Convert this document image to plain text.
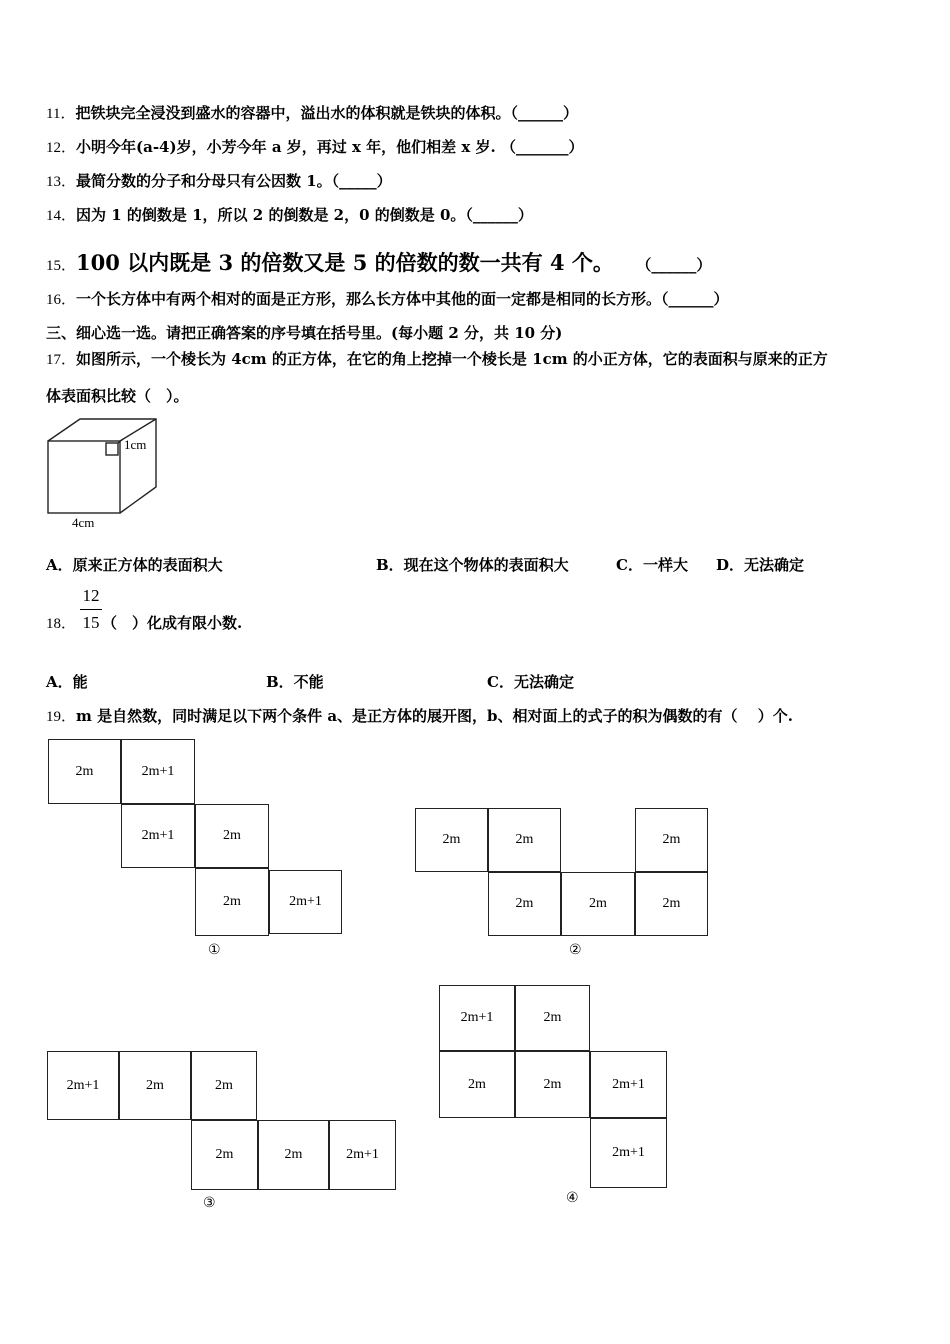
11．把铁块完全浸没到盛水的容器中，溢出水的体积就是铁块的体积。（______）
12．小明今年(a-4)岁，小芳今年 a 岁，再过 x 年，他们相差 x 岁. （_______）
13．最简分数的分子和分母只有公因数 1。（_____）
14．因为 1 的倒数是 1，所以 2 的倒数是 2，0 的倒数是 0。（______）
15．100 以内既是 3 的倍数又是 5 的倍数的数一共有 4 个。 （______）
16．一个长方体中有两个相对的面是正方形，那么长方体中其他的面一定都是相同的长方形。（______）
三、细心选一选。请把正确答案的序号填在括号里。(每小题 2 分，共 10 分)
17．如图所示，一个棱长为 4cm 的正方体，在它的角上挖掉一个棱长是 1cm 的小正方体，它的表面积与原来的正方
体表面积比较（　）。
1cm
4cm
A．原来正方体的表面积大	B．现在这个物体的表面积大	C．一样大 D．无法确定
12
15
18． （　）化成有限小数.
A．能	B．不能	C．无法确定
19．m 是自然数，同时满足以下两个条件 a、是正方体的展开图，b、相对面上的式子的积为偶数的有（　 ）个.
2m	2m+1
2m+1	2m
2m	2m+1
①
2m	2m	2m
2m	2m	2m
②
2m+1	2m	2m
2m	2m	2m+1
③
2m+1	2m
2m	2m	2m+1
2m+1
④
